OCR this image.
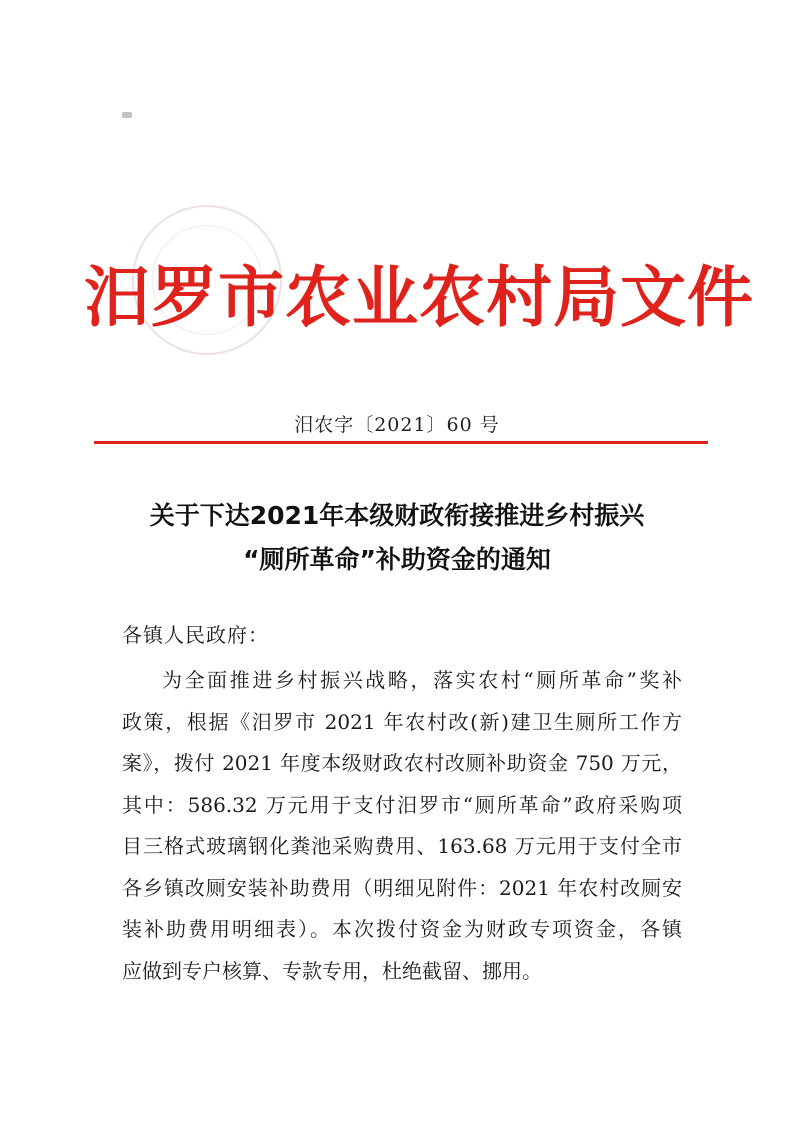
汨罗市农业农村局文件
汨农字〔2021〕60 号
关于下达2021年本级财政衔接推进乡村振兴
“厕所革命”补助资金的通知
各镇人民政府：
为全面推进乡村振兴战略，落实农村“厕所革命”奖补
政策，根据《汨罗市 2021 年农村改(新)建卫生厕所工作方
案》，拨付 2021 年度本级财政农村改厕补助资金 750 万元，
其中：586.32 万元用于支付汨罗市“厕所革命”政府采购项
目三格式玻璃钢化粪池采购费用、163.68 万元用于支付全市
各乡镇改厕安装补助费用（明细见附件：2021 年农村改厕安
装补助费用明细表）。本次拨付资金为财政专项资金，各镇
应做到专户核算、专款专用，杜绝截留、挪用。
